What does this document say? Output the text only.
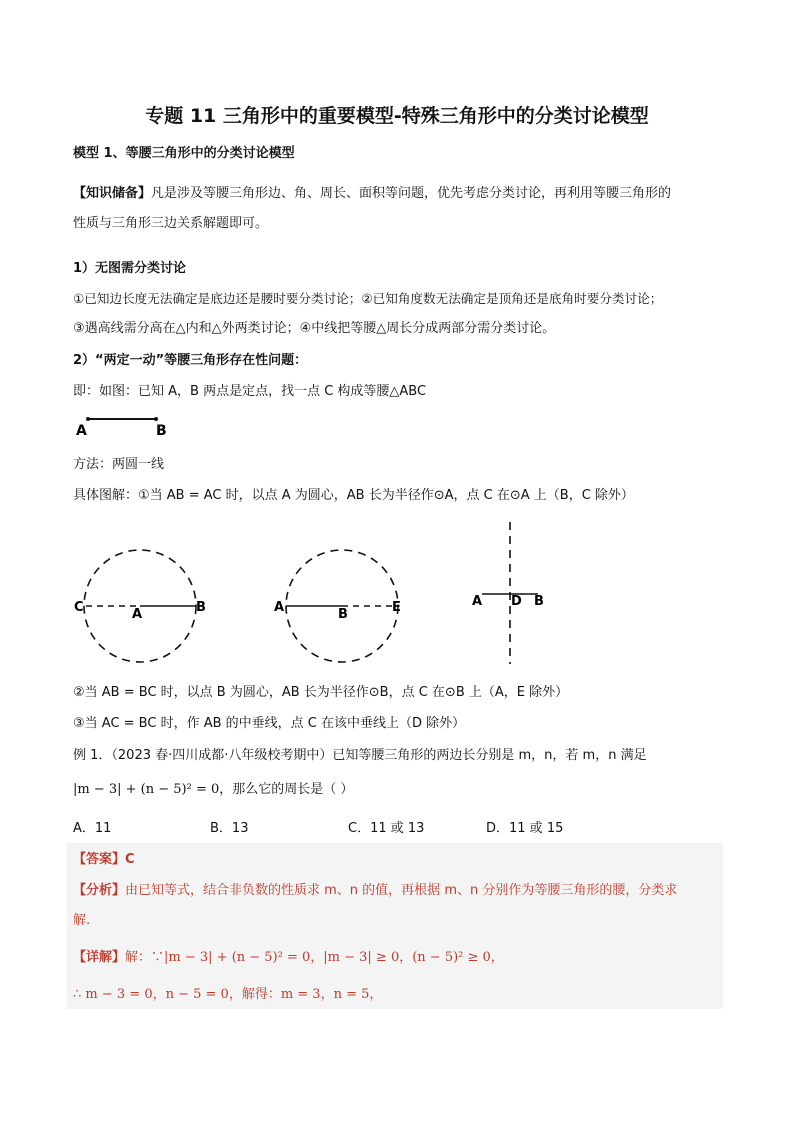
专题 11 三角形中的重要模型-特殊三角形中的分类讨论模型
模型 1、等腰三角形中的分类讨论模型
【知识储备】凡是涉及等腰三角形边、角、周长、面积等问题，优先考虑分类讨论，再利用等腰三角形的
性质与三角形三边关系解题即可。
1）无图需分类讨论
①已知边长度无法确定是底边还是腰时要分类讨论；②已知角度数无法确定是顶角还是底角时要分类讨论；
③遇高线需分高在△内和△外两类讨论；④中线把等腰△周长分成两部分需分类讨论。
2）“两定一动”等腰三角形存在性问题：
即：如图：已知 A，B 两点是定点，找一点 C 构成等腰△ABC
A	B
方法：两圆一线
具体图解：①当 AB = AC 时，以点 A 为圆心，AB 长为半径作⊙A，点 C 在⊙A 上（B，C 除外）
C	A	B	A	B	E	A D B
②当 AB = BC 时，以点 B 为圆心，AB 长为半径作⊙B，点 C 在⊙B 上（A，E 除外）
③当 AC = BC 时，作 AB 的中垂线，点 C 在该中垂线上（D 除外）
例 1．（2023 春·四川成都·八年级校考期中）已知等腰三角形的两边长分别是 m，n，若 m，n 满足
|m − 3| + (n − 5)² = 0，那么它的周长是（ ）
A．11	B．13	C．11 或 13	D．11 或 15
【答案】C
【分析】由已知等式，结合非负数的性质求 m、n 的值，再根据 m、n 分别作为等腰三角形的腰，分类求
解.
【详解】解：∵|m − 3| + (n − 5)² = 0，|m − 3| ≥ 0，(n − 5)² ≥ 0，
∴ m − 3 = 0，n − 5 = 0，解得：m = 3，n = 5，
